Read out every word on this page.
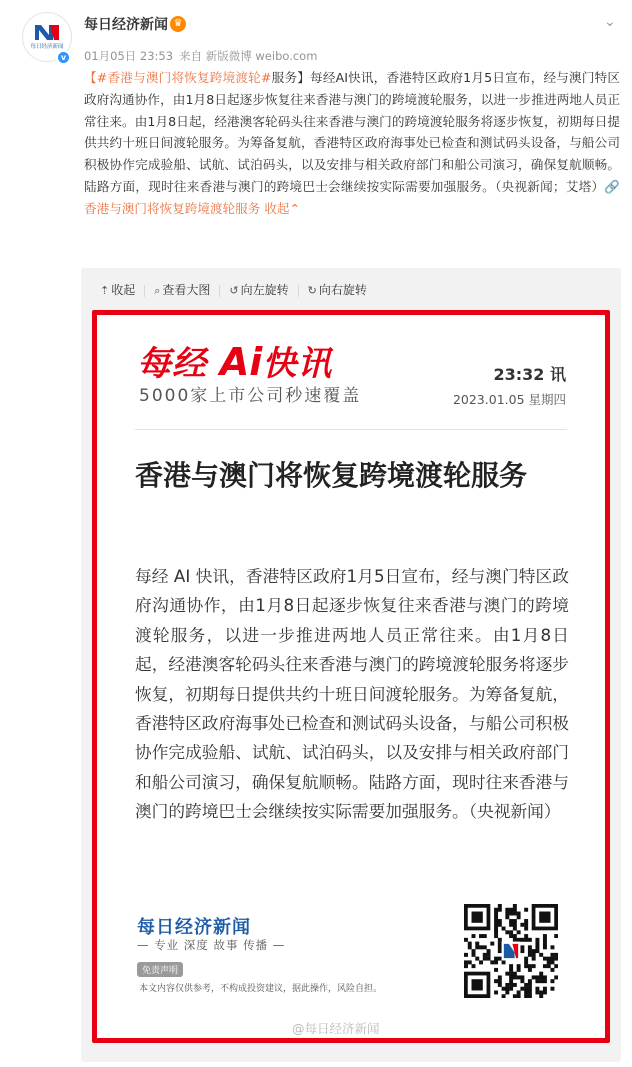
每日经济新闻
v
每日经济新闻 ♛
01月05日 23:53 来自 新版微博 weibo.com
⌄
【#香港与澳门将恢复跨境渡轮#服务】每经AI快讯，香港特区政府1月5日宣布，经与澳门特区政府沟通协作，由1月8日起逐步恢复往来香港与澳门的跨境渡轮服务，以进一步推进两地人员正常往来。由1月8日起，经港澳客轮码头往来香港与澳门的跨境渡轮服务将逐步恢复，初期每日提供共约十班日间渡轮服务。为筹备复航，香港特区政府海事处已检查和测试码头设备，与船公司积极协作完成验船、试航、试泊码头，以及安排与相关政府部门和船公司演习，确保复航顺畅。陆路方面，现时往来香港与澳门的跨境巴士会继续按实际需要加强服务。（央视新闻；艾塔）🔗香港与澳门将恢复跨境渡轮服务 收起⌃
⇡ 收起 ⌕ 查看大图 ↺ 向左旋转 ↻ 向右旋转
每经 Ai快讯
5000家上市公司秒速覆盖
23:32 讯
2023.01.05 星期四
香港与澳门将恢复跨境渡轮服务
每经 AI 快讯，香港特区政府1月5日宣布，经与澳门特区政府沟通协作，由1月8日起逐步恢复往来香港与澳门的跨境渡轮服务，以进一步推进两地人员正常往来。由1月8日起，经港澳客轮码头往来香港与澳门的跨境渡轮服务将逐步恢复，初期每日提供共约十班日间渡轮服务。为筹备复航，香港特区政府海事处已检查和测试码头设备，与船公司积极协作完成验船、试航、试泊码头，以及安排与相关政府部门和船公司演习，确保复航顺畅。陆路方面，现时往来香港与澳门的跨境巴士会继续按实际需要加强服务。（央视新闻）
每日经济新闻
— 专业 深度 故事 传播 —
免责声明
本文内容仅供参考，不构成投资建议，据此操作，风险自担。
@每日经济新闻
